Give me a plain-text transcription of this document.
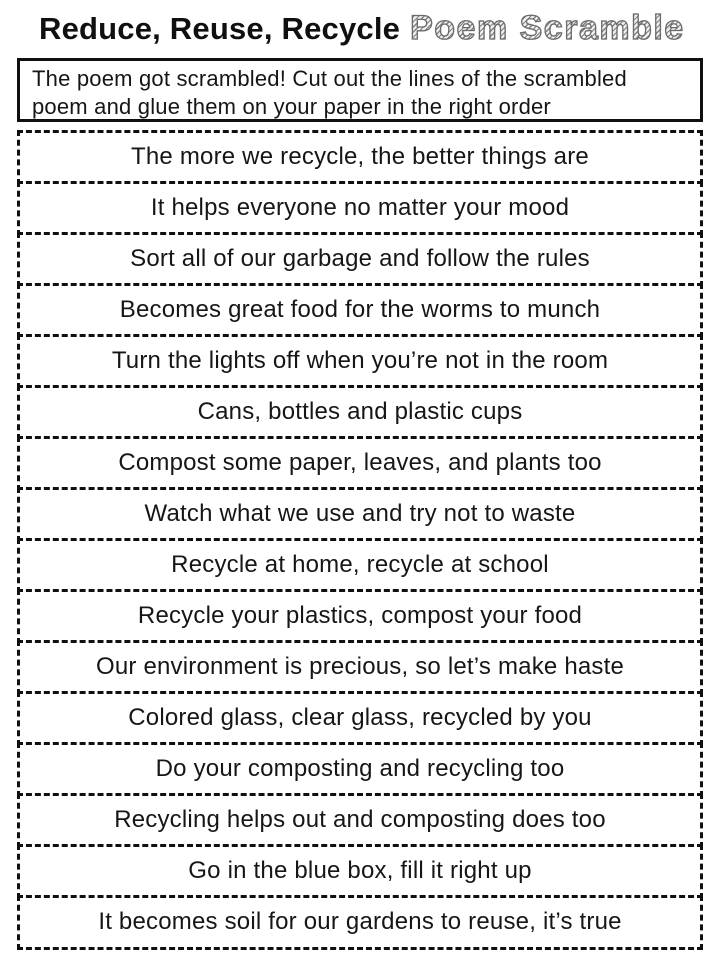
Reduce, Reuse, Recycle Poem Scramble
The poem got scrambled! Cut out the lines of the scrambled poem and glue them on your paper in the right order
The more we recycle, the better things are
It helps everyone no matter your mood
Sort all of our garbage and follow the rules
Becomes great food for the worms to munch
Turn the lights off when you’re not in the room
Cans, bottles and plastic cups
Compost some paper, leaves, and plants too
Watch what we use and try not to waste
Recycle at home, recycle at school
Recycle your plastics, compost your food
Our environment is precious, so let’s make haste
Colored glass, clear glass, recycled by you
Do your composting and recycling too
Recycling helps out and composting does too
Go in the blue box, fill it right up
It becomes soil for our gardens to reuse, it’s true
